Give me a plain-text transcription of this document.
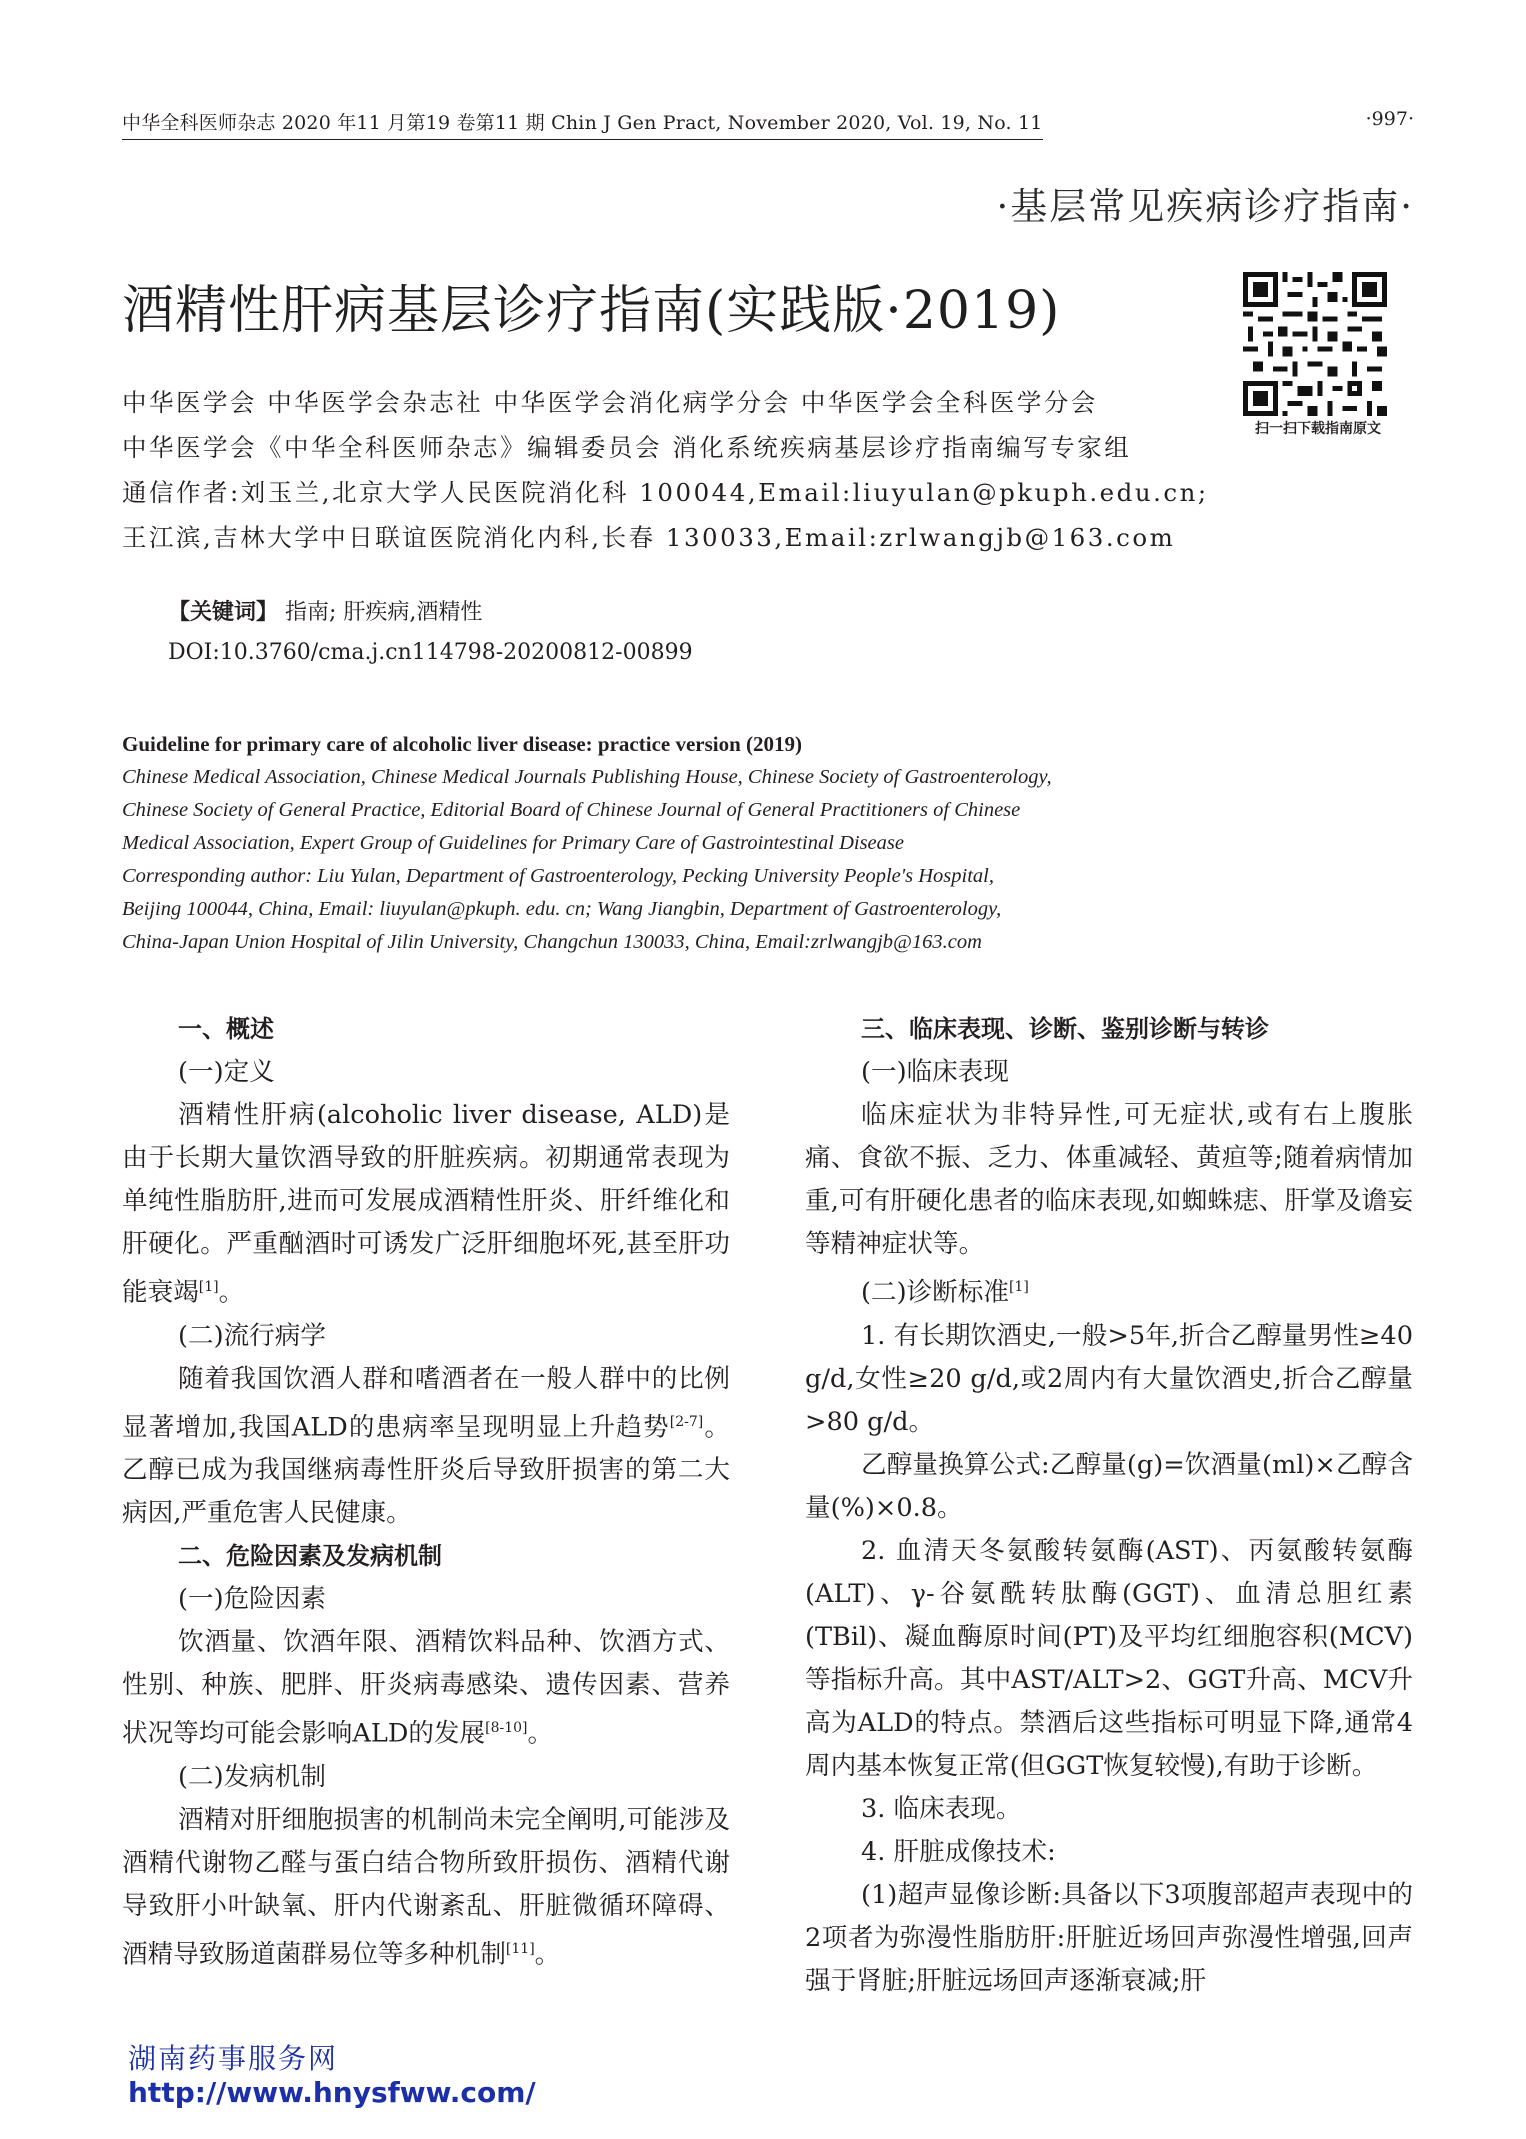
中华全科医师杂志 2020 年11 月第19 卷第11 期 Chin J Gen Pract, November 2020, Vol. 19, No. 11	·997·
·基层常见疾病诊疗指南·
酒精性肝病基层诊疗指南(实践版·2019)
扫一扫下载指南原文
中华医学会 中华医学会杂志社 中华医学会消化病学分会 中华医学会全科医学分会
中华医学会《中华全科医师杂志》编辑委员会 消化系统疾病基层诊疗指南编写专家组
通信作者:刘玉兰,北京大学人民医院消化科 100044,Email:liuyulan@pkuph.edu.cn;
王江滨,吉林大学中日联谊医院消化内科,长春 130033,Email:zrlwangjb@163.com
【关键词】 指南; 肝疾病,酒精性
DOI:10.3760/cma.j.cn114798-20200812-00899
Guideline for primary care of alcoholic liver disease: practice version (2019)
Chinese Medical Association, Chinese Medical Journals Publishing House, Chinese Society of Gastroenterology,
Chinese Society of General Practice, Editorial Board of Chinese Journal of General Practitioners of Chinese
Medical Association, Expert Group of Guidelines for Primary Care of Gastrointestinal Disease
Corresponding author: Liu Yulan, Department of Gastroenterology, Pecking University People's Hospital,
Beijing 100044, China, Email: liuyulan@pkuph. edu. cn; Wang Jiangbin, Department of Gastroenterology,
China-Japan Union Hospital of Jilin University, Changchun 130033, China, Email:zrlwangjb@163.com
一、概述
(一)定义
酒精性肝病(alcoholic liver disease, ALD)是由于长期大量饮酒导致的肝脏疾病。初期通常表现为单纯性脂肪肝,进而可发展成酒精性肝炎、肝纤维化和肝硬化。严重酗酒时可诱发广泛肝细胞坏死,甚至肝功能衰竭[1]。
(二)流行病学
随着我国饮酒人群和嗜酒者在一般人群中的比例显著增加,我国ALD的患病率呈现明显上升趋势[2-7]。乙醇已成为我国继病毒性肝炎后导致肝损害的第二大病因,严重危害人民健康。
二、危险因素及发病机制
(一)危险因素
饮酒量、饮酒年限、酒精饮料品种、饮酒方式、性别、种族、肥胖、肝炎病毒感染、遗传因素、营养状况等均可能会影响ALD的发展[8-10]。
(二)发病机制
酒精对肝细胞损害的机制尚未完全阐明,可能涉及酒精代谢物乙醛与蛋白结合物所致肝损伤、酒精代谢导致肝小叶缺氧、肝内代谢紊乱、肝脏微循环障碍、酒精导致肠道菌群易位等多种机制[11]。
三、临床表现、诊断、鉴别诊断与转诊
(一)临床表现
临床症状为非特异性,可无症状,或有右上腹胀痛、食欲不振、乏力、体重减轻、黄疸等;随着病情加重,可有肝硬化患者的临床表现,如蜘蛛痣、肝掌及谵妄等精神症状等。
(二)诊断标准[1]
1. 有长期饮酒史,一般>5年,折合乙醇量男性≥40 g/d,女性≥20 g/d,或2周内有大量饮酒史,折合乙醇量>80 g/d。
乙醇量换算公式:乙醇量(g)=饮酒量(ml)×乙醇含量(%)×0.8。
2. 血清天冬氨酸转氨酶(AST)、丙氨酸转氨酶(ALT)、γ-谷氨酰转肽酶(GGT)、血清总胆红素(TBil)、凝血酶原时间(PT)及平均红细胞容积(MCV)等指标升高。其中AST/ALT>2、GGT升高、MCV升高为ALD的特点。禁酒后这些指标可明显下降,通常4周内基本恢复正常(但GGT恢复较慢),有助于诊断。
3. 临床表现。
4. 肝脏成像技术:
(1)超声显像诊断:具备以下3项腹部超声表现中的2项者为弥漫性脂肪肝:肝脏近场回声弥漫性增强,回声强于肾脏;肝脏远场回声逐渐衰减;肝
湖南药事服务网
http://www.hnysfww.com/
